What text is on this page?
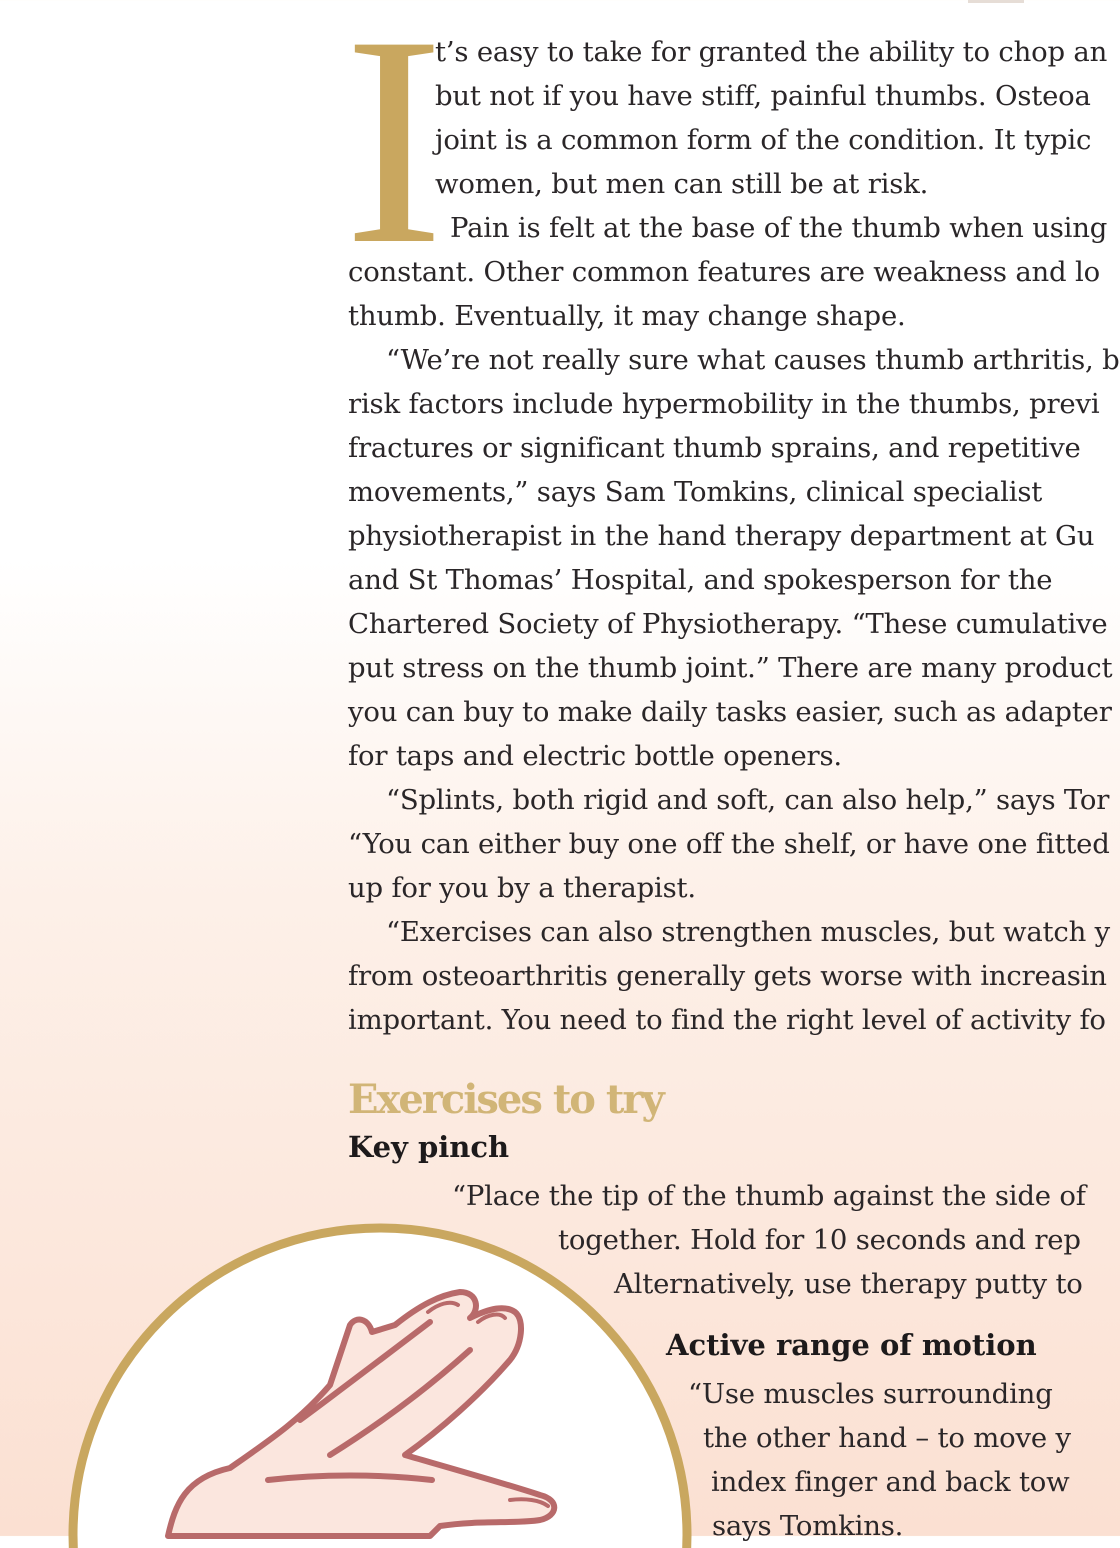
I
t’s easy to take for granted the ability to chop an
but not if you have stiff, painful thumbs. Osteoa
joint is a common form of the condition. It typic
women, but men can still be at risk.
Pain is felt at the base of the thumb when using
constant. Other common features are weakness and lo
thumb. Eventually, it may change shape.
“We’re not really sure what causes thumb arthritis, b
risk factors include hypermobility in the thumbs, previ
fractures or significant thumb sprains, and repetitive
movements,” says Sam Tomkins, clinical specialist
physiotherapist in the hand therapy department at Gu
and St Thomas’ Hospital, and spokesperson for the
Chartered Society of Physiotherapy. “These cumulative
put stress on the thumb joint.” There are many product
you can buy to make daily tasks easier, such as adapter
for taps and electric bottle openers.
“Splints, both rigid and soft, can also help,” says Tor
“You can either buy one off the shelf, or have one fitted
up for you by a therapist.
“Exercises can also strengthen muscles, but watch y
from osteoarthritis generally gets worse with increasin
important. You need to find the right level of activity fo
Exercises to try
Key pinch
“Place the tip of the thumb against the side of
together. Hold for 10 seconds and rep
Alternatively, use therapy putty to
Active range of motion
“Use muscles surrounding
the other hand – to move y
index finger and back tow
says Tomkins.
